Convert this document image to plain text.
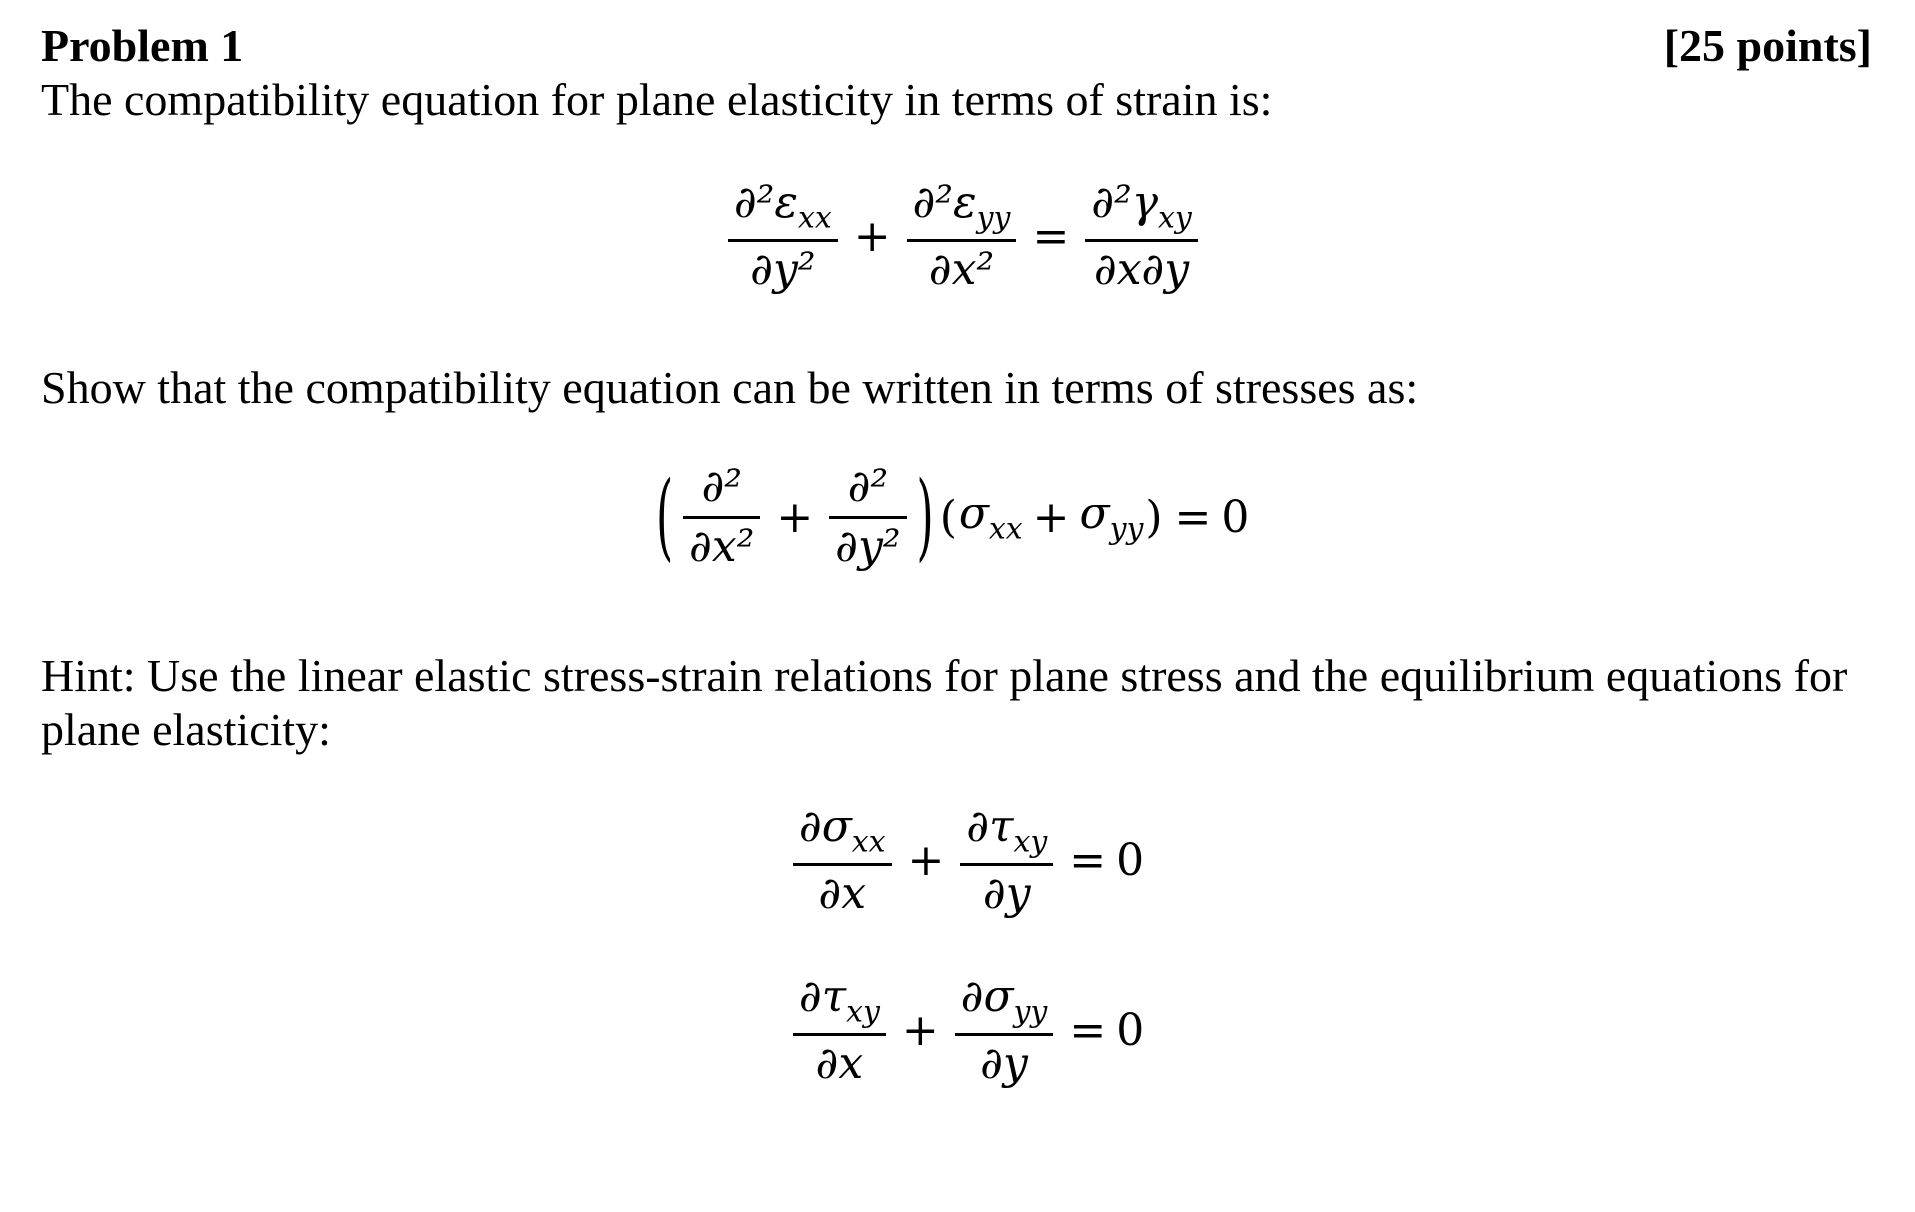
Problem 1	[25 points]
The compatibility equation for plane elasticity in terms of strain is:
$\frac{\partial^2\varepsilon_{xx}}{\text{∂y²}} + \frac{\partial^2\varepsilon_{yy}}{\text{∂x²}} = \frac{\partial^2\gamma_{xy}}{\partial x\partial y}$
Show that the compatibility equation can be written in terms of stresses as:
( $\frac{\text{∂²}}{\text{∂x²}} + \frac{\text{∂²}}{\text{∂y²}}$ ) ( $\sigma_{xx} + \sigma_{yy}$ ) = 0
Hint: Use the linear elastic stress-strain relations for plane stress and the equilibrium equations for
plane elasticity:
$\frac{\partial\sigma_{xx}}{\partial x} + \frac{\partial\tau_{xy}}{\partial y} = 0$
$\frac{\partial\tau_{xy}}{\partial x} + \frac{\partial\sigma_{yy}}{\partial y} = 0$
